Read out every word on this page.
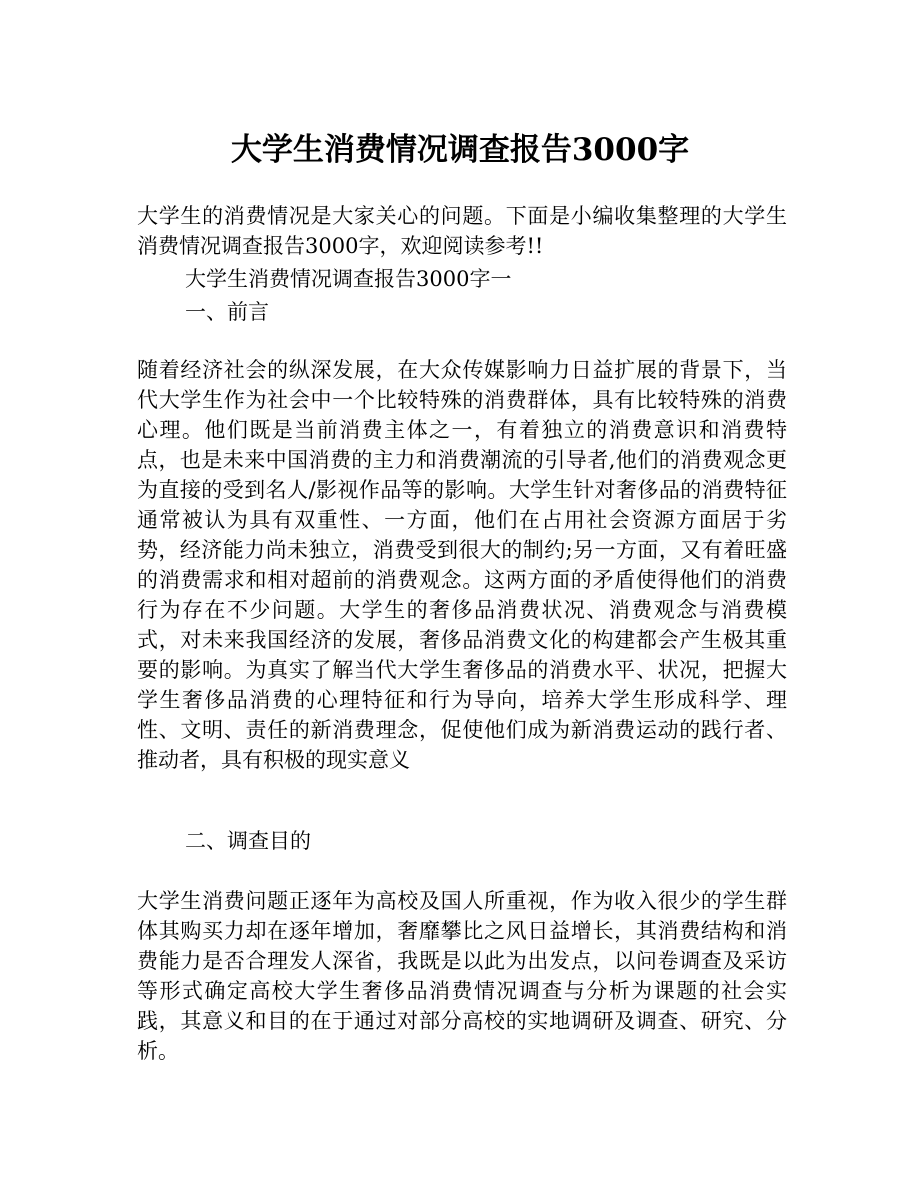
大学生消费情况调查报告3000字

大学生的消费情况是大家关心的问题。下面是小编收集整理的大学生消费情况调查报告3000字，欢迎阅读参考!!

大学生消费情况调查报告3000字一

一、前言

随着经济社会的纵深发展，在大众传媒影响力日益扩展的背景下，当代大学生作为社会中一个比较特殊的消费群体，具有比较特殊的消费心理。他们既是当前消费主体之一，有着独立的消费意识和消费特点，也是未来中国消费的主力和消费潮流的引导者,他们的消费观念更为直接的受到名人/影视作品等的影响。大学生针对奢侈品的消费特征通常被认为具有双重性、一方面，他们在占用社会资源方面居于劣势，经济能力尚未独立，消费受到很大的制约;另一方面，又有着旺盛的消费需求和相对超前的消费观念。这两方面的矛盾使得他们的消费行为存在不少问题。大学生的奢侈品消费状况、消费观念与消费模式，对未来我国经济的发展，奢侈品消费文化的构建都会产生极其重要的影响。为真实了解当代大学生奢侈品的消费水平、状况，把握大学生奢侈品消费的心理特征和行为导向，培养大学生形成科学、理性、文明、责任的新消费理念，促使他们成为新消费运动的践行者、推动者，具有积极的现实意义

二、调查目的

大学生消费问题正逐年为高校及国人所重视，作为收入很少的学生群体其购买力却在逐年增加，奢靡攀比之风日益增长，其消费结构和消费能力是否合理发人深省，我既是以此为出发点，以问卷调查及采访等形式确定高校大学生奢侈品消费情况调查与分析为课题的社会实践，其意义和目的在于通过对部分高校的实地调研及调查、研究、分析。
